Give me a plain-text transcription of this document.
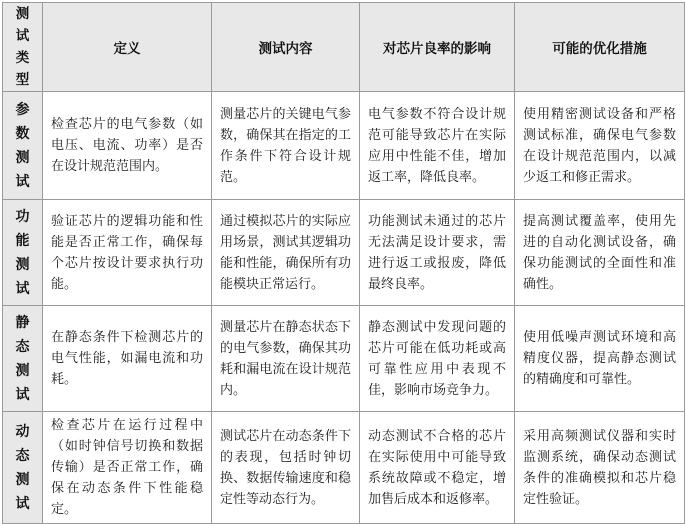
测试类型	定义	测试内容	对芯片良率的影响	可能的优化措施

参数测试	检查芯片的电气参数（如电压、电流、功率）是否在设计规范范围内。	测量芯片的关键电气参数，确保其在指定的工作条件下符合设计规范。	电气参数不符合设计规范可能导致芯片在实际应用中性能不佳，增加返工率，降低良率。	使用精密测试设备和严格测试标准，确保电气参数在设计规范范围内，以减少返工和修正需求。

功能测试	验证芯片的逻辑功能和性能是否正常工作，确保每个芯片按设计要求执行功能。	通过模拟芯片的实际应用场景，测试其逻辑功能和性能，确保所有功能模块正常运行。	功能测试未通过的芯片无法满足设计要求，需进行返工或报废，降低最终良率。	提高测试覆盖率，使用先进的自动化测试设备，确保功能测试的全面性和准确性。

静态测试	在静态条件下检测芯片的电气性能，如漏电流和功耗。	测量芯片在静态状态下的电气参数，确保其功耗和漏电流在设计规范内。	静态测试中发现问题的芯片可能在低功耗或高可靠性应用中表现不佳，影响市场竞争力。	使用低噪声测试环境和高精度仪器，提高静态测试的精确度和可靠性。

动态测试	检查芯片在运行过程中（如时钟信号切换和数据传输）是否正常工作，确保在动态条件下性能稳定。	测试芯片在动态条件下的表现，包括时钟切换、数据传输速度和稳定性等动态行为。	动态测试不合格的芯片在实际使用中可能导致系统故障或不稳定，增加售后成本和返修率。	采用高频测试仪器和实时监测系统，确保动态测试条件的准确模拟和芯片稳定性验证。
